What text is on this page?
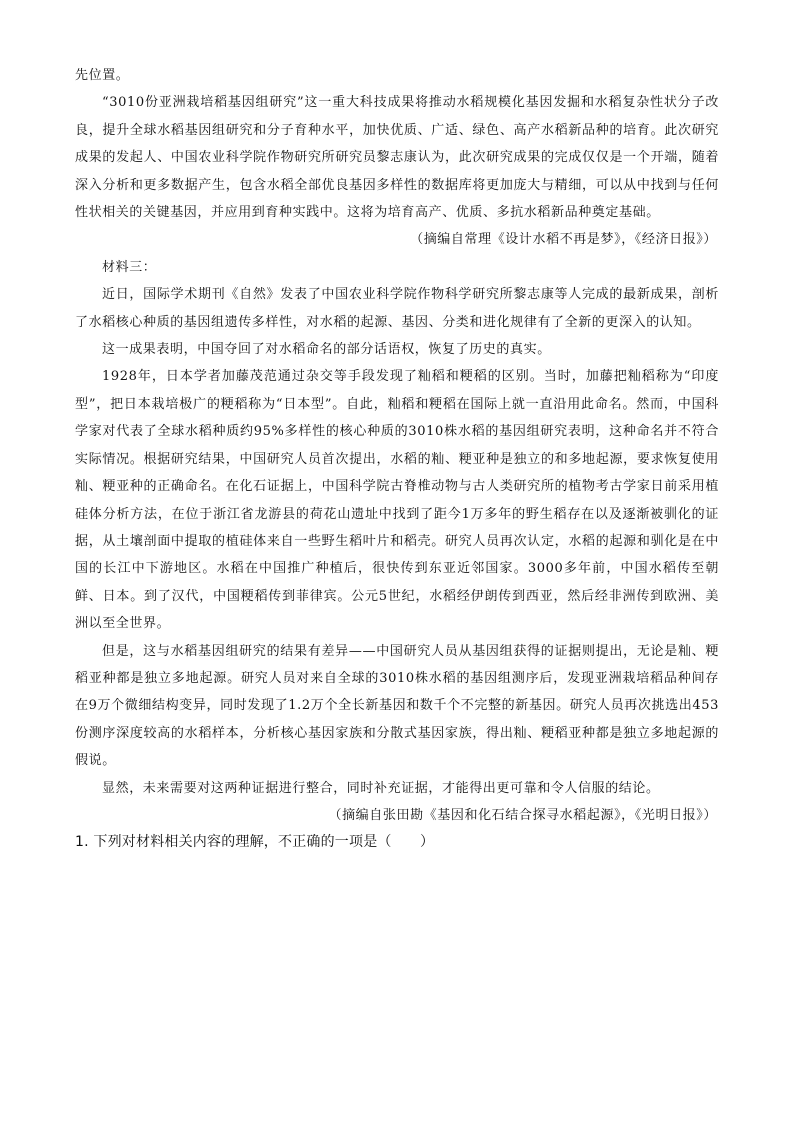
先位置。

“3010份亚洲栽培稻基因组研究”这一重大科技成果将推动水稻规模化基因发掘和水稻复杂性状分子改良，提升全球水稻基因组研究和分子育种水平，加快优质、广适、绿色、高产水稻新品种的培育。此次研究成果的发起人、中国农业科学院作物研究所研究员黎志康认为，此次研究成果的完成仅仅是一个开端，随着深入分析和更多数据产生，包含水稻全部优良基因多样性的数据库将更加庞大与精细，可以从中找到与任何性状相关的关键基因，并应用到育种实践中。这将为培育高产、优质、多抗水稻新品种奠定基础。

（摘编自常理《设计水稻不再是梦》，《经济日报》）

材料三：

近日，国际学术期刊《自然》发表了中国农业科学院作物科学研究所黎志康等人完成的最新成果，剖析了水稻核心种质的基因组遗传多样性，对水稻的起源、基因、分类和进化规律有了全新的更深入的认知。

这一成果表明，中国夺回了对水稻命名的部分话语权，恢复了历史的真实。

1928年，日本学者加藤茂范通过杂交等手段发现了籼稻和粳稻的区别。当时，加藤把籼稻称为“印度型”，把日本栽培极广的粳稻称为“日本型”。自此，籼稻和粳稻在国际上就一直沿用此命名。然而，中国科学家对代表了全球水稻种质约95%多样性的核心种质的3010株水稻的基因组研究表明，这种命名并不符合实际情况。根据研究结果，中国研究人员首次提出，水稻的籼、粳亚种是独立的和多地起源，要求恢复使用籼、粳亚种的正确命名。在化石证据上，中国科学院古脊椎动物与古人类研究所的植物考古学家日前采用植硅体分析方法，在位于浙江省龙游县的荷花山遗址中找到了距今1万多年的野生稻存在以及逐渐被驯化的证据，从土壤剖面中提取的植硅体来自一些野生稻叶片和稻壳。研究人员再次认定，水稻的起源和驯化是在中国的长江中下游地区。水稻在中国推广种植后，很快传到东亚近邻国家。3000多年前，中国水稻传至朝鲜、日本。到了汉代，中国粳稻传到菲律宾。公元5世纪，水稻经伊朗传到西亚，然后经非洲传到欧洲、美洲以至全世界。

但是，这与水稻基因组研究的结果有差异——中国研究人员从基因组获得的证据则提出，无论是籼、粳稻亚种都是独立多地起源。研究人员对来自全球的3010株水稻的基因组测序后，发现亚洲栽培稻品种间存在9万个微细结构变异，同时发现了1.2万个全长新基因和数千个不完整的新基因。研究人员再次挑选出453份测序深度较高的水稻样本，分析核心基因家族和分散式基因家族，得出籼、粳稻亚种都是独立多地起源的假说。

显然，未来需要对这两种证据进行整合，同时补充证据，才能得出更可靠和令人信服的结论。

（摘编自张田勘《基因和化石结合探寻水稻起源》，《光明日报》）

1. 下列对材料相关内容的理解，不正确的一项是（　　）
